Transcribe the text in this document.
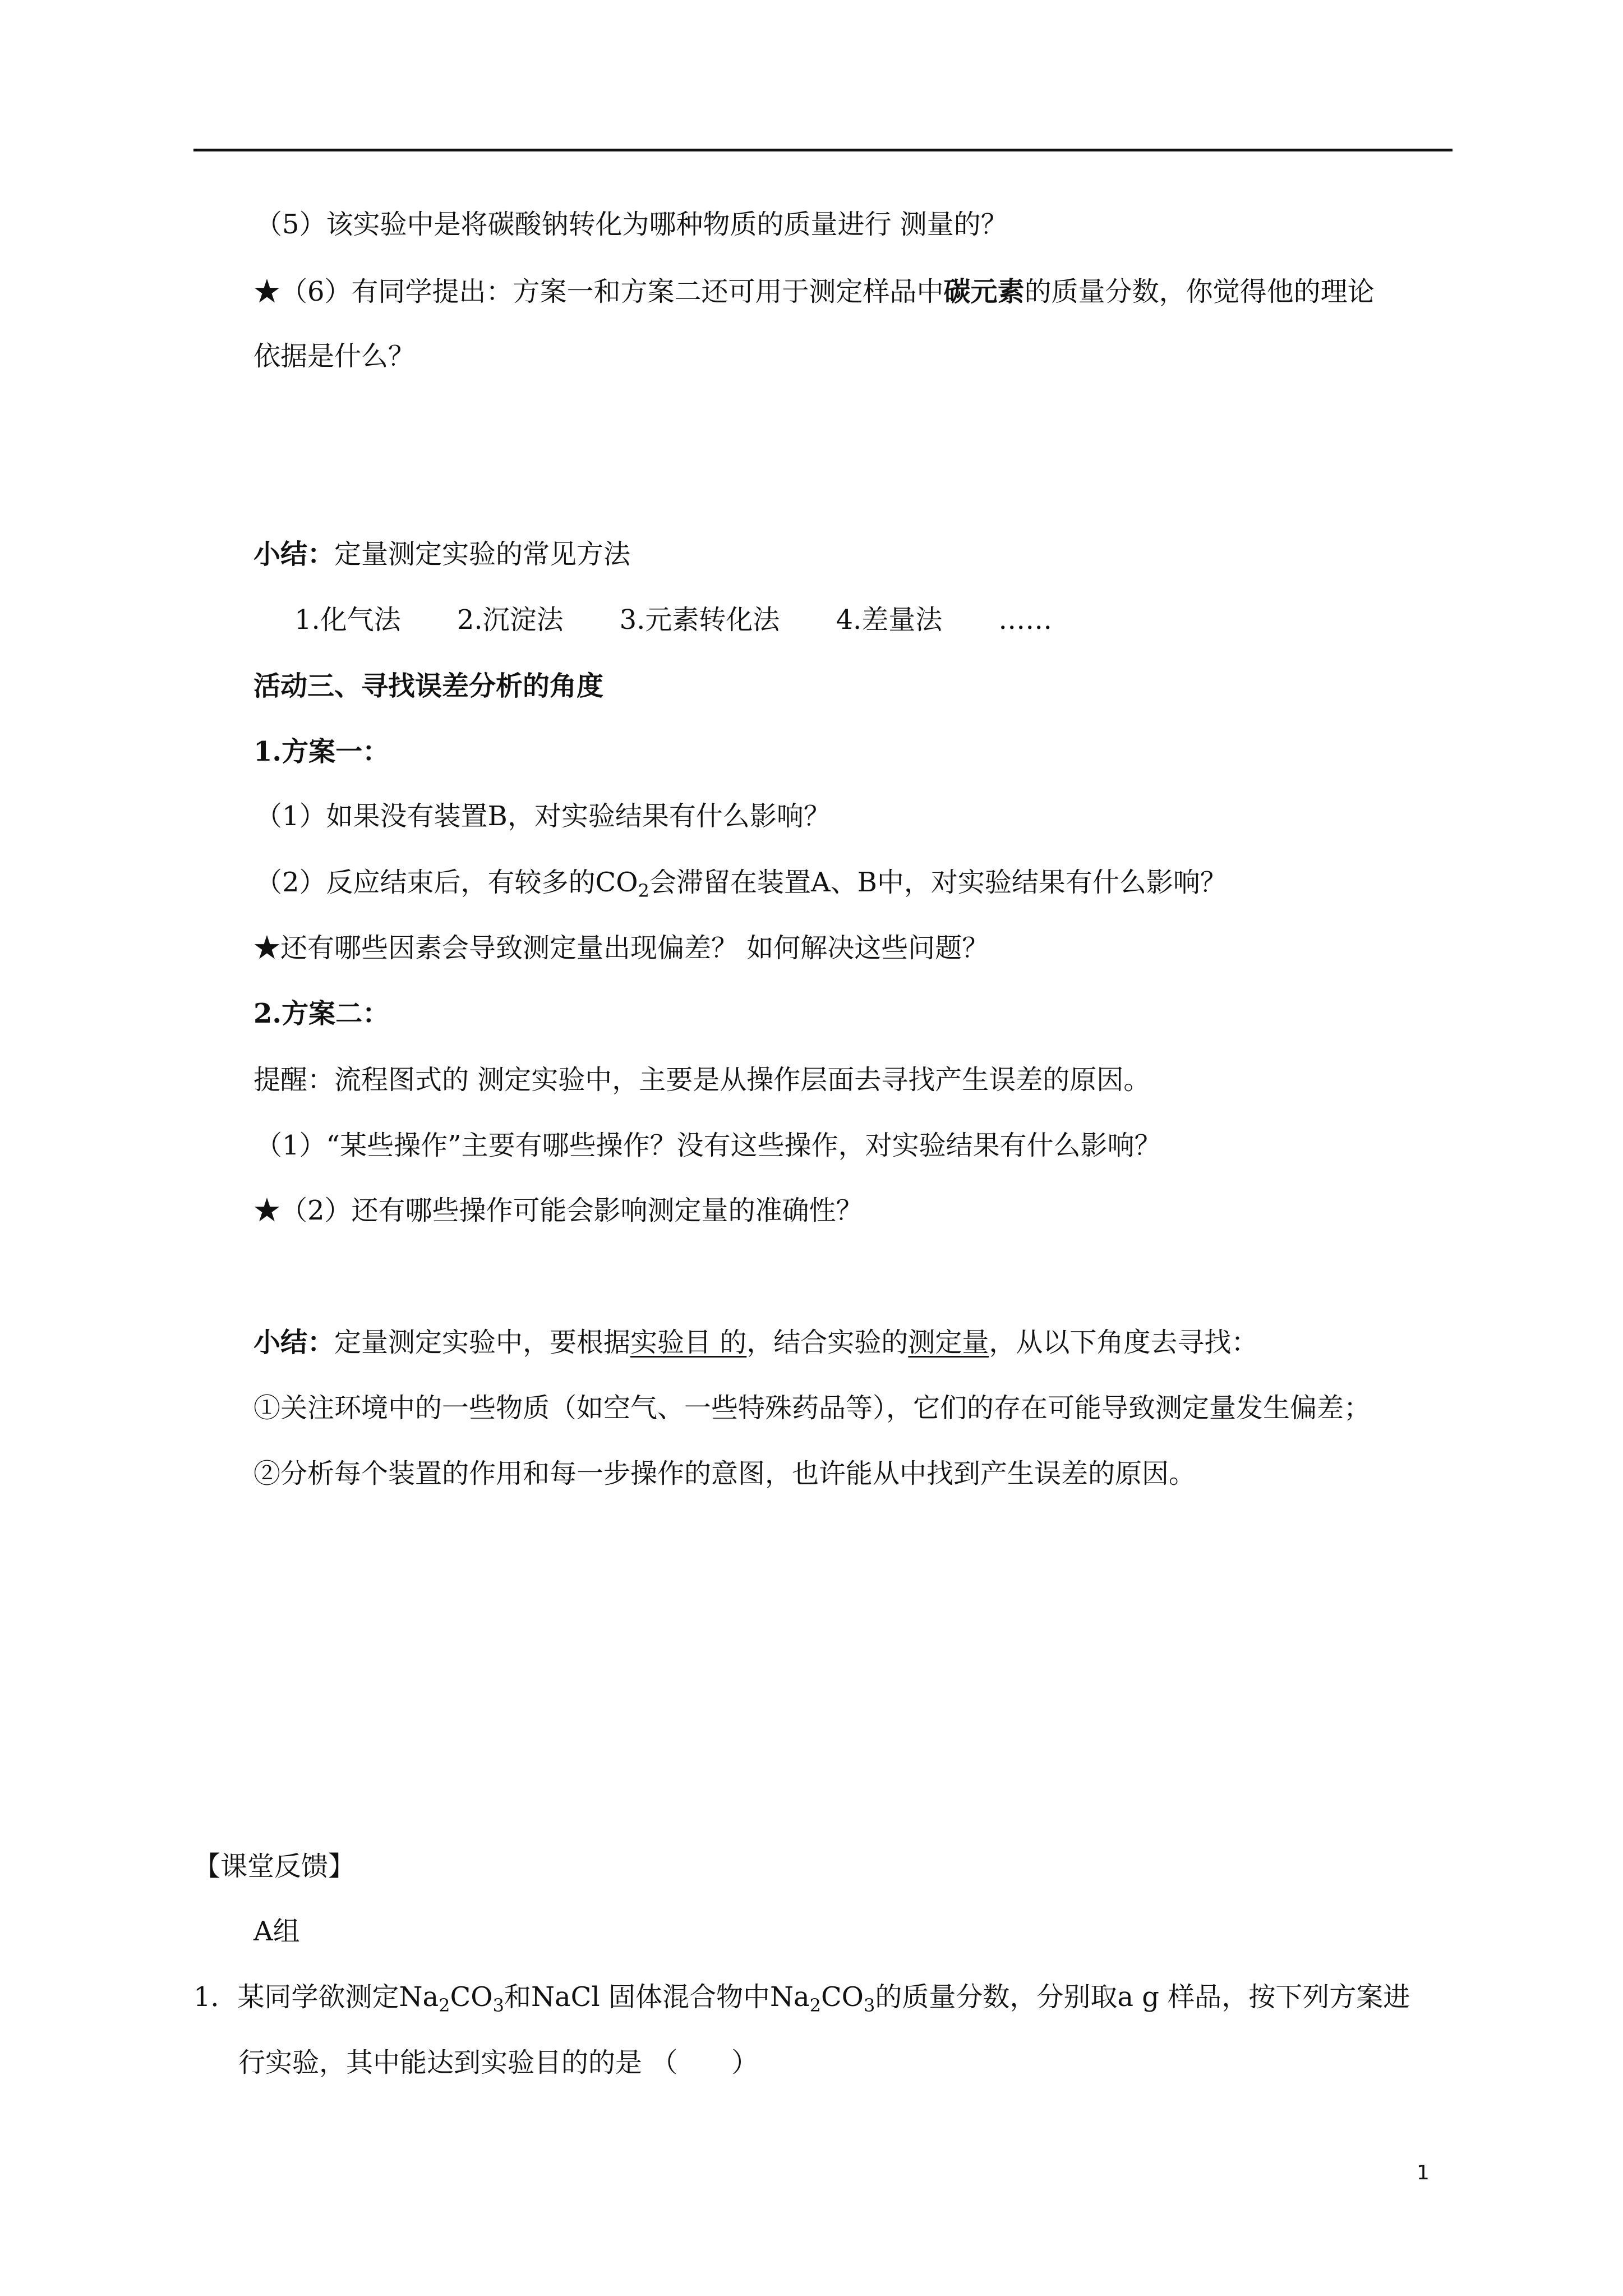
（5）该实验中是将碳酸钠转化为哪种物质的质量进行 测量的？
★（6）有同学提出：方案一和方案二还可用于测定样品中碳元素的质量分数，你觉得他的理论
依据是什么？
小结：定量测定实验的常见方法
1.化气法 2.沉淀法 3.元素转化法 4.差量法 ……
活动三、寻找误差分析的角度
1.方案一：
（1）如果没有装置B，对实验结果有什么影响？
（2）反应结束后，有较多的$CO_2$会滞留在装置A、B中，对实验结果有什么影响？
★还有哪些因素会导致测定量出现偏差？ 如何解决这些问题？
2.方案二：
提醒：流程图式的 测定实验中，主要是从操作层面去寻找产生误差的原因。
（1）“某些操作”主要有哪些操作？没有这些操作，对实验结果有什么影响？
★（2）还有哪些操作可能会影响测定量的准确性？
小结：定量测定实验中，要根据实验目 的，结合实验的测定量，从以下角度去寻找：
①关注环境中的一些物质（如空气、一些特殊药品等），它们的存在可能导致测定量发生偏差；
②分析每个装置的作用和每一步操作的意图，也许能从中找到产生误差的原因。
【课堂反馈】
A组
1．某同学欲测定$Na_2CO_3$和NaCl 固体混合物中$Na_2CO_3$的质量分数，分别取a g 样品，按下列方案进
行实验，其中能达到实验目的的是 （　　）
1
